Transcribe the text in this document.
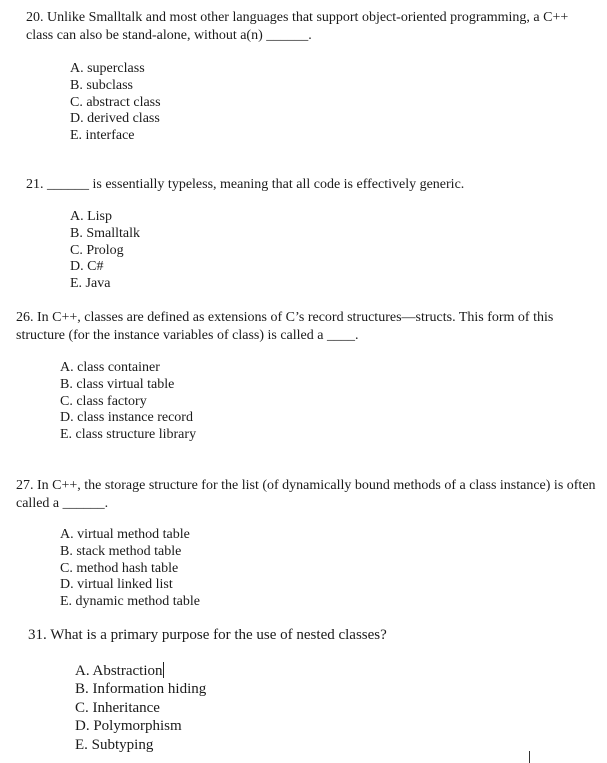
20. Unlike Smalltalk and most other languages that support object-oriented programming, a C++ class can also be stand-alone, without a(n) ______.

A. superclass
B. subclass
C. abstract class
D. derived class
E. interface

21. ______ is essentially typeless, meaning that all code is effectively generic.

A. Lisp
B. Smalltalk
C. Prolog
D. C#
E. Java

26. In C++, classes are defined as extensions of C’s record structures—structs. This form of this structure (for the instance variables of class) is called a ____.

A. class container
B. class virtual table
C. class factory
D. class instance record
E. class structure library

27. In C++, the storage structure for the list (of dynamically bound methods of a class instance) is often called a ______.

A. virtual method table
B. stack method table
C. method hash table
D. virtual linked list
E. dynamic method table

31. What is a primary purpose for the use of nested classes?

A. Abstraction
B. Information hiding
C. Inheritance
D. Polymorphism
E. Subtyping
